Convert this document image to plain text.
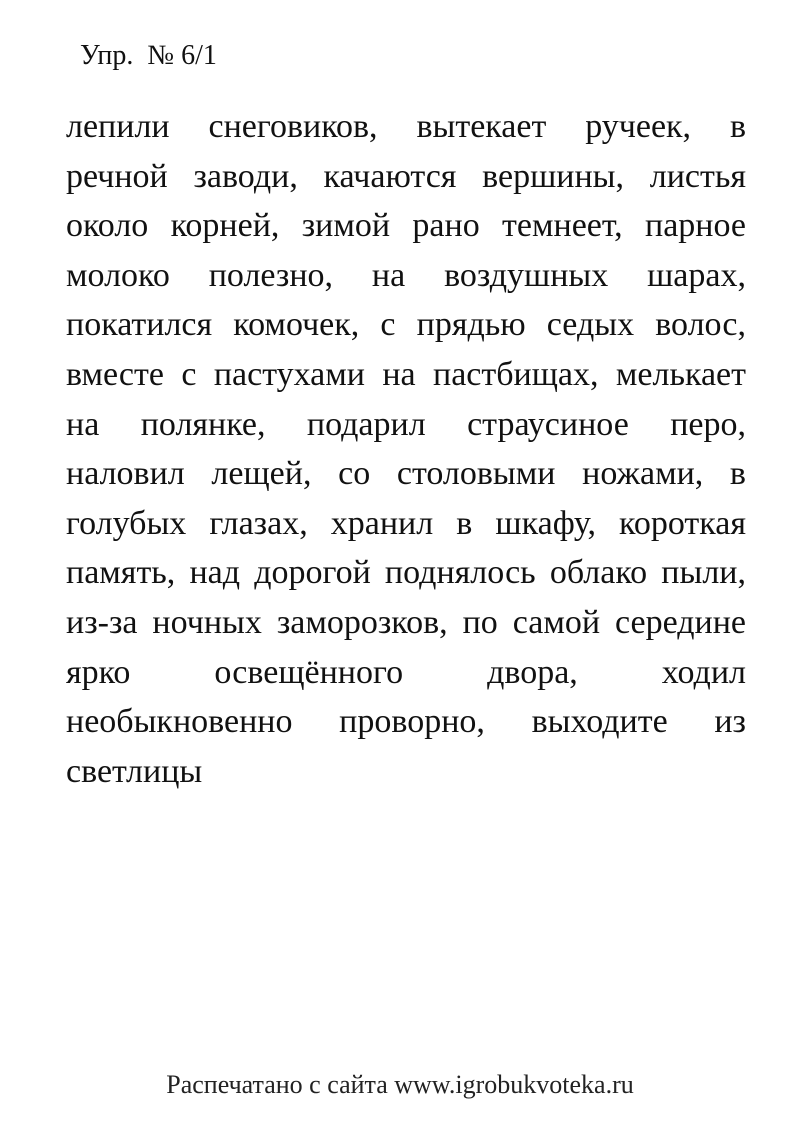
Упр.  № 6/1
лепили снеговиков, вытекает ручеек, в
речной заводи, качаются вершины, листья
около корней, зимой рано темнеет, парное
молоко полезно, на воздушных шарах,
покатился комочек, с прядью седых волос,
вместе с пастухами на пастбищах, мелькает
на полянке, подарил страусиное перо,
наловил лещей, со столовыми ножами, в
голубых глазах, хранил в шкафу, короткая
память, над дорогой поднялось облако пыли,
из-за ночных заморозков, по самой середине
ярко освещённого двора, ходил
необыкновенно проворно, выходите из
светлицы
Распечатано с сайта www.igrobukvoteka.ru
